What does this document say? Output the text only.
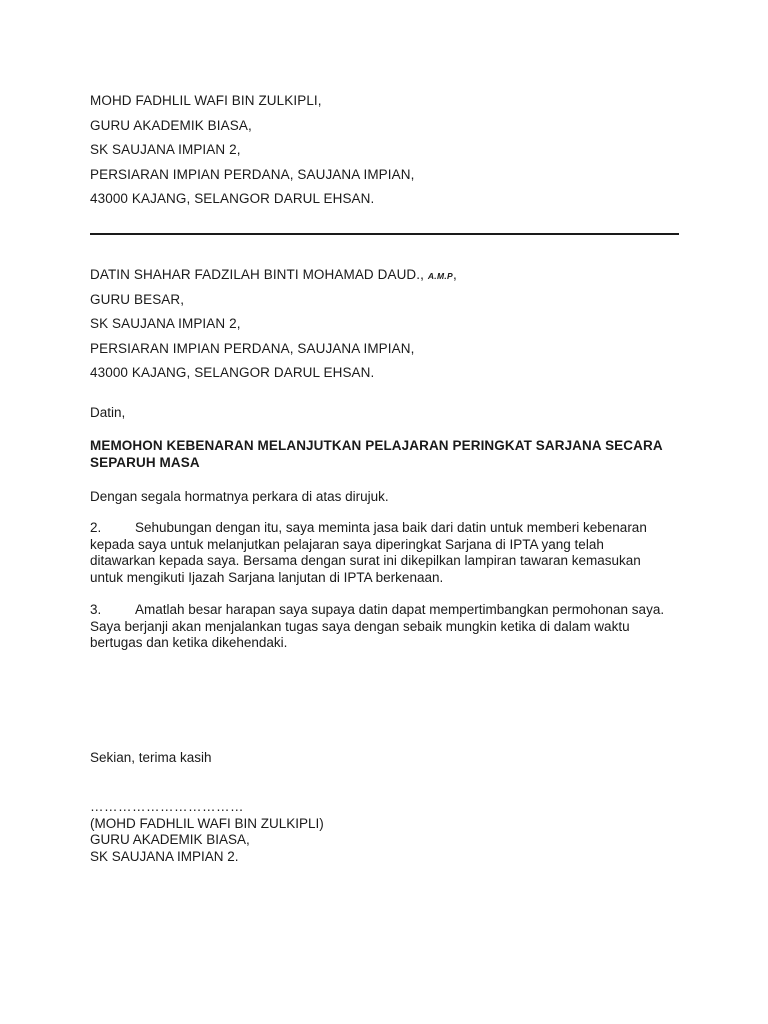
MOHD FADHLIL WAFI BIN ZULKIPLI,
GURU AKADEMIK BIASA,
SK SAUJANA IMPIAN 2,
PERSIARAN IMPIAN PERDANA, SAUJANA IMPIAN,
43000 KAJANG, SELANGOR DARUL EHSAN.
DATIN SHAHAR FADZILAH BINTI MOHAMAD DAUD., A.M.P,
GURU BESAR,
SK SAUJANA IMPIAN 2,
PERSIARAN IMPIAN PERDANA, SAUJANA IMPIAN,
43000 KAJANG, SELANGOR DARUL EHSAN.
Datin,
MEMOHON KEBENARAN MELANJUTKAN PELAJARAN PERINGKAT SARJANA SECARA
SEPARUH MASA
Dengan segala hormatnya perkara di atas dirujuk.
2. Sehubungan dengan itu, saya meminta jasa baik dari datin untuk memberi kebenaran
kepada saya untuk melanjutkan pelajaran saya diperingkat Sarjana di IPTA yang telah
ditawarkan kepada saya. Bersama dengan surat ini dikepilkan lampiran tawaran kemasukan
untuk mengikuti Ijazah Sarjana lanjutan di IPTA berkenaan.
3. Amatlah besar harapan saya supaya datin dapat mempertimbangkan permohonan saya.
Saya berjanji akan menjalankan tugas saya dengan sebaik mungkin ketika di dalam waktu
bertugas dan ketika dikehendaki.
Sekian, terima kasih
……………………………
(MOHD FADHLIL WAFI BIN ZULKIPLI)
GURU AKADEMIK BIASA,
SK SAUJANA IMPIAN 2.
